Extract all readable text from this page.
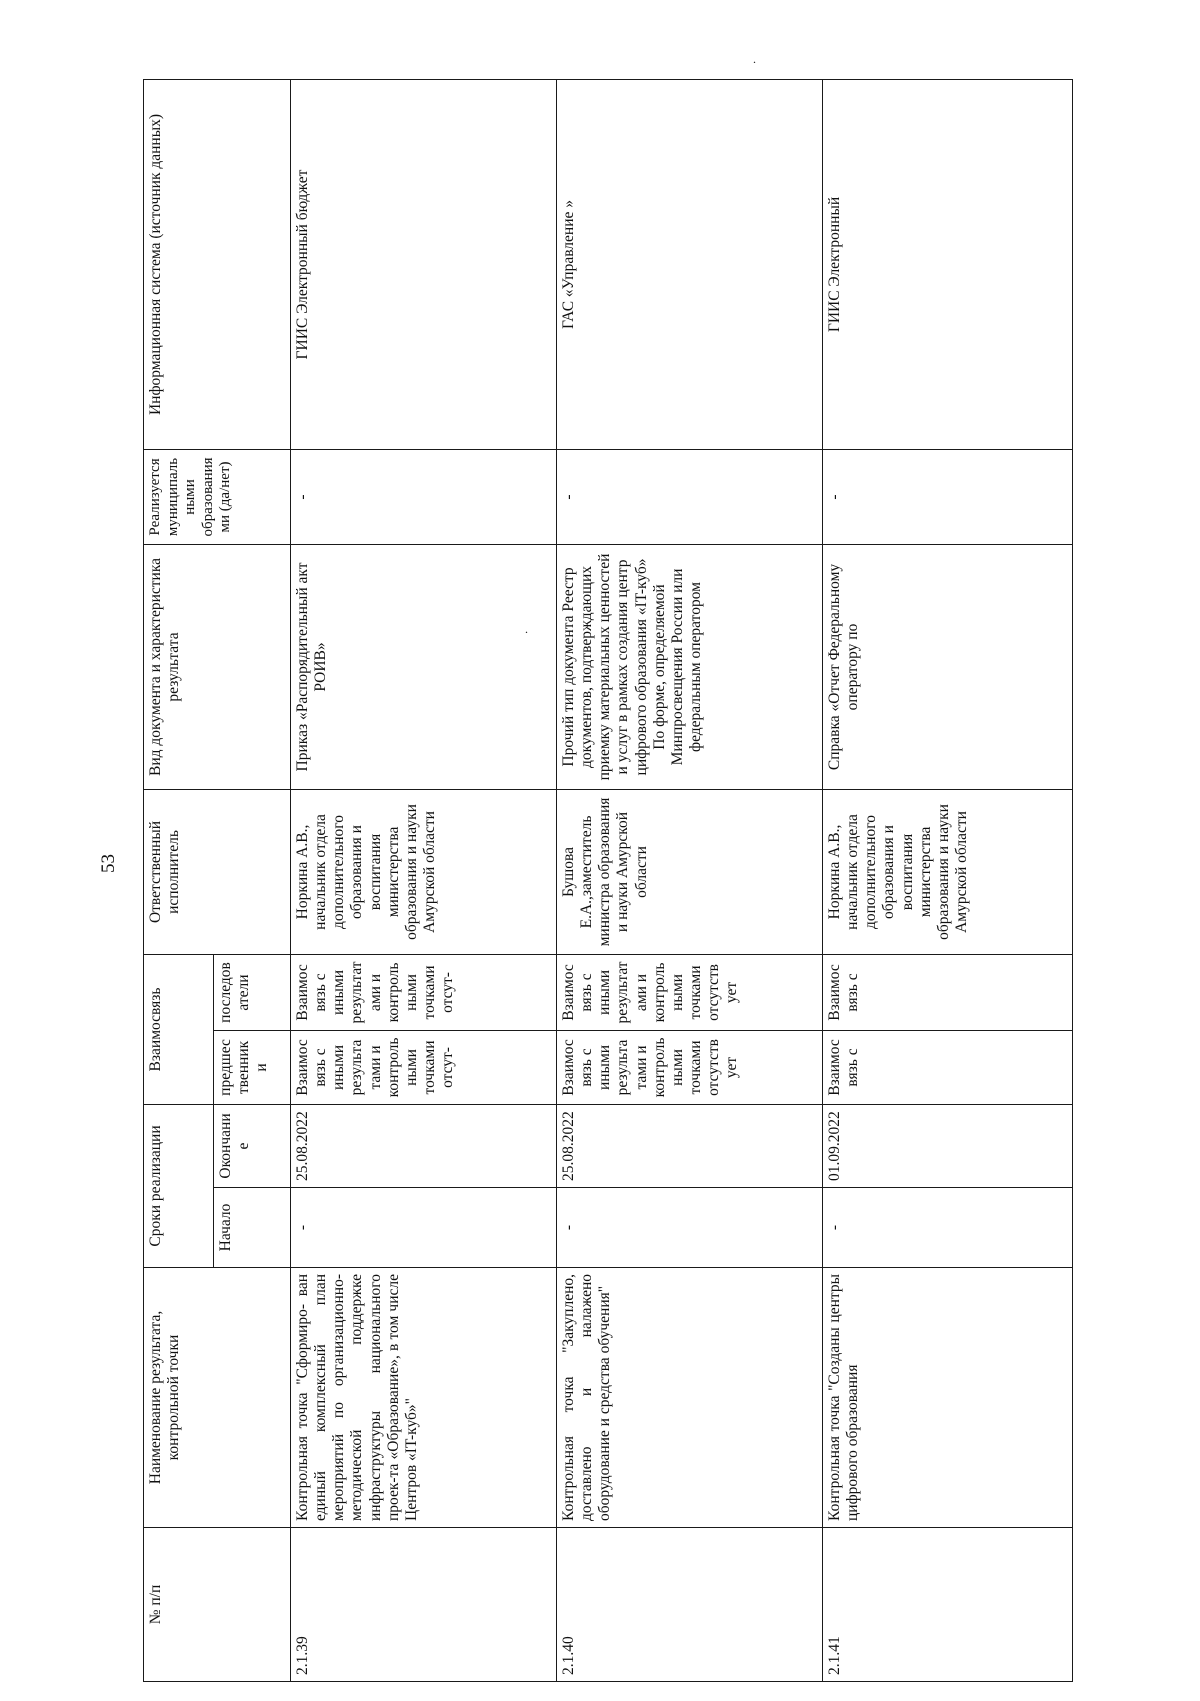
53
.
.
№ п/п	Наименование результата, контрольной точки	Сроки реализации		Взаимосвязь		Ответственный исполнитель	Вид документа и характеристика результата	Реализуется муниципальными образованиями (да/нет)	Информационная система (источник данных)
		Начало	Окончание	предшественники	последователи				
2.1.39	Контрольная точка "Сформиро- ван единый комплексный план мероприятий по организационно-методической поддержке инфраструктуры национального проек-та «Образование», в том числе Центров «IT-куб»"	-	25.08.2022	Взаимосвязь с иными результатами и контрольными точками отсут-	Взаимосвязь с иными результатами и контрольными точками отсут-	Норкина А.В., начальник отдела дополнительного образования и воспитания министерства образования и науки Амурской области	Приказ «Распорядительный акт РОИВ»	-	ГИИС Электронный бюджет
2.1.40	Контрольная точка "Закуплено, доставлено и налажено оборудование и средства обучения"	-	25.08.2022	Взаимосвязь с иными результатами и контрольными точками отсутствует	Взаимосвязь с иными результатами и контрольными точками отсутствует	Бушова Е.А.,заместитель министра образования и науки Амурской области	Прочий тип документа Реестр документов, подтверждающих приемку материальных ценностей и услуг в рамках создания центр цифрового образования «IT-куб» По форме, определяемой Минпросвещения России или федеральным оператором	-	ГАС «Управление »
2.1.41	Контрольная точка "Созданы центры цифрового образования	-	01.09.2022	Взаимосвязь с	Взаимосвязь с	Норкина А.В., начальник отдела дополнительного образования и воспитания министерства образования и науки Амурской области	Справка «Отчет Федеральному оператору по	-	ГИИС Электронный
